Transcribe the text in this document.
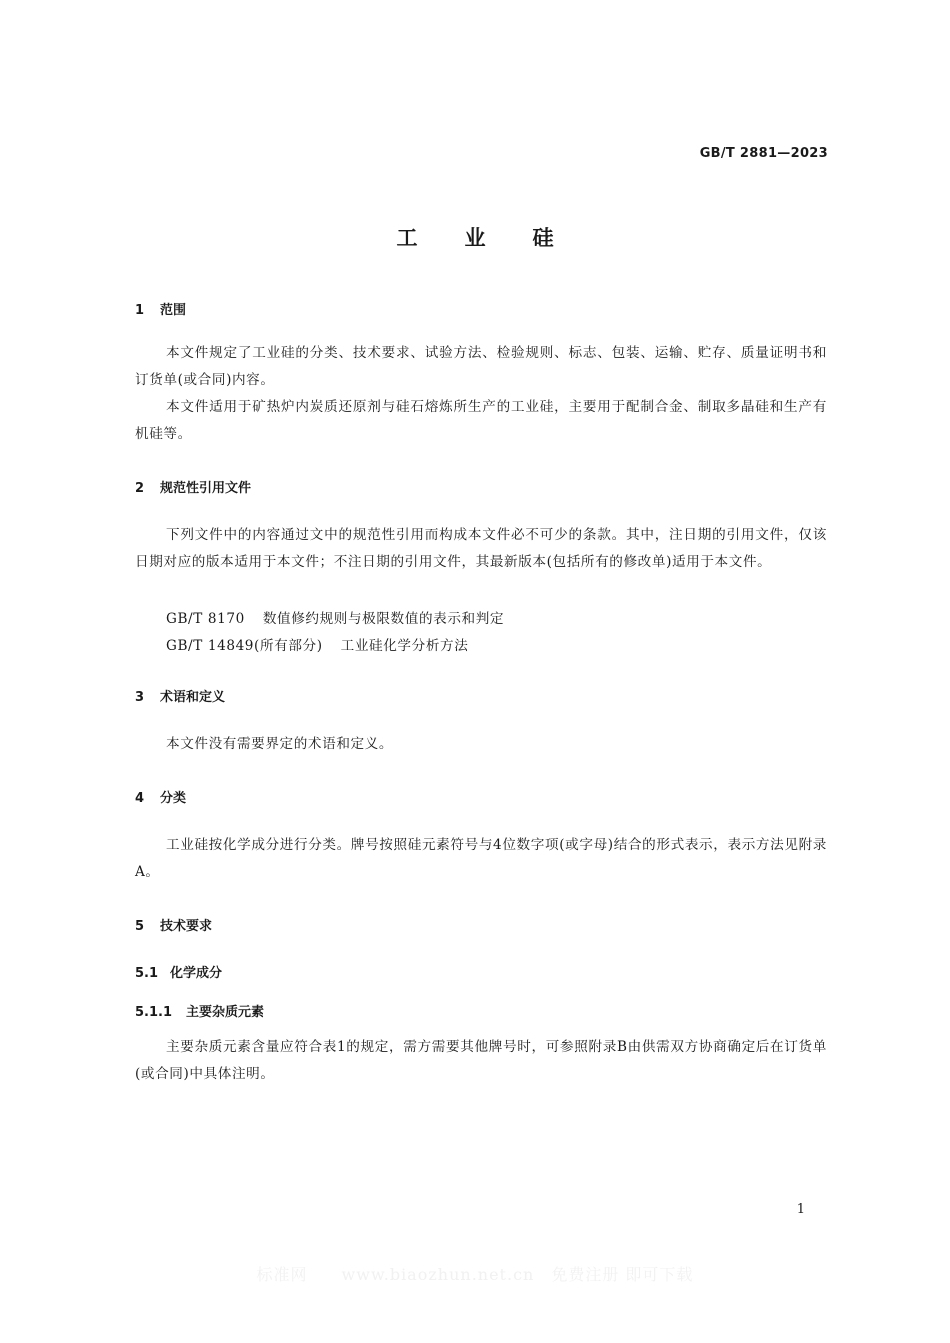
GB/T 2881—2023
工业硅
1 范围
本文件规定了工业硅的分类、技术要求、试验方法、检验规则、标志、包装、运输、贮存、质量证明书和订货单(或合同)内容。
本文件适用于矿热炉内炭质还原剂与硅石熔炼所生产的工业硅，主要用于配制合金、制取多晶硅和生产有机硅等。
2 规范性引用文件
下列文件中的内容通过文中的规范性引用而构成本文件必不可少的条款。其中，注日期的引用文件，仅该日期对应的版本适用于本文件；不注日期的引用文件，其最新版本(包括所有的修改单)适用于本文件。
GB/T 8170 数值修约规则与极限数值的表示和判定
GB/T 14849(所有部分) 工业硅化学分析方法
3 术语和定义
本文件没有需要界定的术语和定义。
4 分类
工业硅按化学成分进行分类。牌号按照硅元素符号与4位数字项(或字母)结合的形式表示，表示方法见附录A。
5 技术要求
5.1 化学成分
5.1.1 主要杂质元素
主要杂质元素含量应符合表1的规定，需方需要其他牌号时，可参照附录B由供需双方协商确定后在订货单(或合同)中具体注明。
1
标准网　　www.biaozhun.net.cn　免费注册 即可下载
